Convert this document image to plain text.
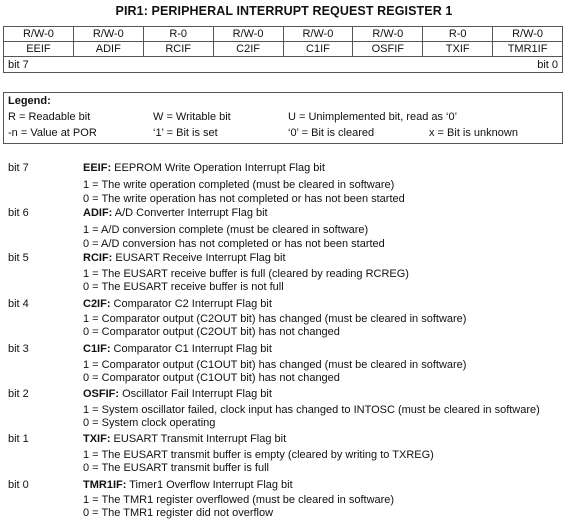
PIR1: PERIPHERAL INTERRUPT REQUEST REGISTER 1
R/W-0	R/W-0	R-0	R/W-0	R/W-0	R/W-0	R-0	R/W-0
EEIF	ADIF	RCIF	C2IF	C1IF	OSFIF	TXIF	TMR1IF
bit 7 bit 0							
Legend:
R = Readable bit	W = Writable bit	U = Unimplemented bit, read as ‘0’
-n = Value at POR	‘1’ = Bit is set	‘0’ = Bit is cleared	x = Bit is unknown
bit 7	EEIF: EEPROM Write Operation Interrupt Flag bit
1 = The write operation completed (must be cleared in software)
0 = The write operation has not completed or has not been started
bit 6	ADIF: A/D Converter Interrupt Flag bit
1 = A/D conversion complete (must be cleared in software)
0 = A/D conversion has not completed or has not been started
bit 5	RCIF: EUSART Receive Interrupt Flag bit
1 = The EUSART receive buffer is full (cleared by reading RCREG)
0 = The EUSART receive buffer is not full
bit 4	C2IF: Comparator C2 Interrupt Flag bit
1 = Comparator output (C2OUT bit) has changed (must be cleared in software)
0 = Comparator output (C2OUT bit) has not changed
bit 3	C1IF: Comparator C1 Interrupt Flag bit
1 = Comparator output (C1OUT bit) has changed (must be cleared in software)
0 = Comparator output (C1OUT bit) has not changed
bit 2	OSFIF: Oscillator Fail Interrupt Flag bit
1 = System oscillator failed, clock input has changed to INTOSC (must be cleared in software)
0 = System clock operating
bit 1	TXIF: EUSART Transmit Interrupt Flag bit
1 = The EUSART transmit buffer is empty (cleared by writing to TXREG)
0 = The EUSART transmit buffer is full
bit 0	TMR1IF: Timer1 Overflow Interrupt Flag bit
1 = The TMR1 register overflowed (must be cleared in software)
0 = The TMR1 register did not overflow
